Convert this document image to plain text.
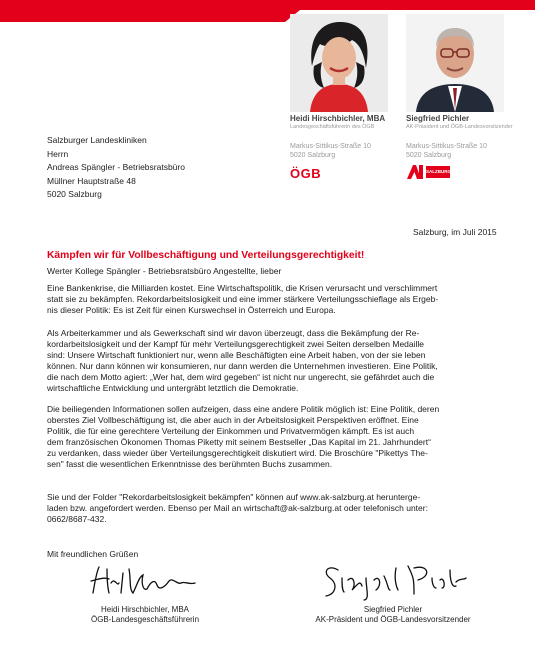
Heidi Hirschbichler, MBA
Landesgeschäftsführerin des ÖGB
Markus-Sittikus-Straße 10
5020 Salzburg
ÖGB
Siegfried Pichler
AK-Präsident und ÖGB-Landesvorsitzender
Markus-Sittikus-Straße 10
5020 Salzburg
AK
SALZBURG
Salzburger Landeskliniken
Herrn
Andreas Spängler - Betriebsratsbüro
Müllner Hauptstraße 48
5020 Salzburg
Salzburg, im Juli 2015
Kämpfen wir für Vollbeschäftigung und Verteilungsgerechtigkeit!
Werter Kollege Spängler - Betriebsratsbüro Angestellte, lieber
Eine Bankenkrise, die Milliarden kostet. Eine Wirtschaftspolitik, die Krisen verursacht und verschlimmert
statt sie zu bekämpfen. Rekordarbeitslosigkeit und eine immer stärkere Verteilungsschieflage als Ergeb-
nis dieser Politik: Es ist Zeit für einen Kurswechsel in Österreich und Europa.
Als Arbeiterkammer und als Gewerkschaft sind wir davon überzeugt, dass die Bekämpfung der Re-
kordarbeitslosigkeit und der Kampf für mehr Verteilungsgerechtigkeit zwei Seiten derselben Medaille
sind: Unsere Wirtschaft funktioniert nur, wenn alle Beschäftigten eine Arbeit haben, von der sie leben
können. Nur dann können wir konsumieren, nur dann werden die Unternehmen investieren. Eine Politik,
die nach dem Motto agiert: „Wer hat, dem wird gegeben“ ist nicht nur ungerecht, sie gefährdet auch die
wirtschaftliche Entwicklung und untergräbt letztlich die Demokratie.
Die beiliegenden Informationen sollen aufzeigen, dass eine andere Politik möglich ist: Eine Politik, deren
oberstes Ziel Vollbeschäftigung ist, die aber auch in der Arbeitslosigkeit Perspektiven eröffnet. Eine
Politik, die für eine gerechtere Verteilung der Einkommen und Privatvermögen kämpft. Es ist auch
dem französischen Ökonomen Thomas Piketty mit seinem Bestseller „Das Kapital im 21. Jahrhundert“
zu verdanken, dass wieder über Verteilungsgerechtigkeit diskutiert wird. Die Broschüre "Pikettys The-
sen" fasst die wesentlichen Erkenntnisse des berühmten Buchs zusammen.
Sie und der Folder "Rekordarbeitslosigkeit bekämpfen" können auf www.ak-salzburg.at herunterge-
laden bzw. angefordert werden. Ebenso per Mail an wirtschaft@ak-salzburg.at oder telefonisch unter:
0662/8687-432.
Mit freundlichen Grüßen
Heidi Hirschbichler, MBA
ÖGB-Landesgeschäftsführerin
Siegfried Pichler
AK-Präsident und ÖGB-Landesvorsitzender
